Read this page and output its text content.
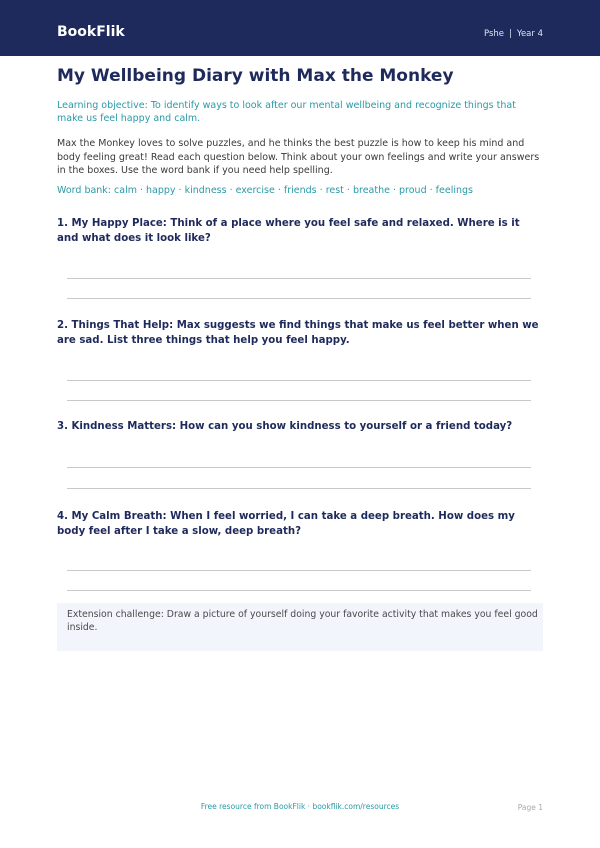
BookFlik	Pshe | Year 4
My Wellbeing Diary with Max the Monkey
Learning objective: To identify ways to look after our mental wellbeing and recognize things that make us feel happy and calm.
Max the Monkey loves to solve puzzles, and he thinks the best puzzle is how to keep his mind and body feeling great! Read each question below. Think about your own feelings and write your answers in the boxes. Use the word bank if you need help spelling.
Word bank: calm · happy · kindness · exercise · friends · rest · breathe · proud · feelings
1. My Happy Place: Think of a place where you feel safe and relaxed. Where is it and what does it look like?
2. Things That Help: Max suggests we find things that make us feel better when we are sad. List three things that help you feel happy.
3. Kindness Matters: How can you show kindness to yourself or a friend today?
4. My Calm Breath: When I feel worried, I can take a deep breath. How does my body feel after I take a slow, deep breath?
Extension challenge: Draw a picture of yourself doing your favorite activity that makes you feel good inside.
Free resource from BookFlik · bookflik.com/resources	Page 1
